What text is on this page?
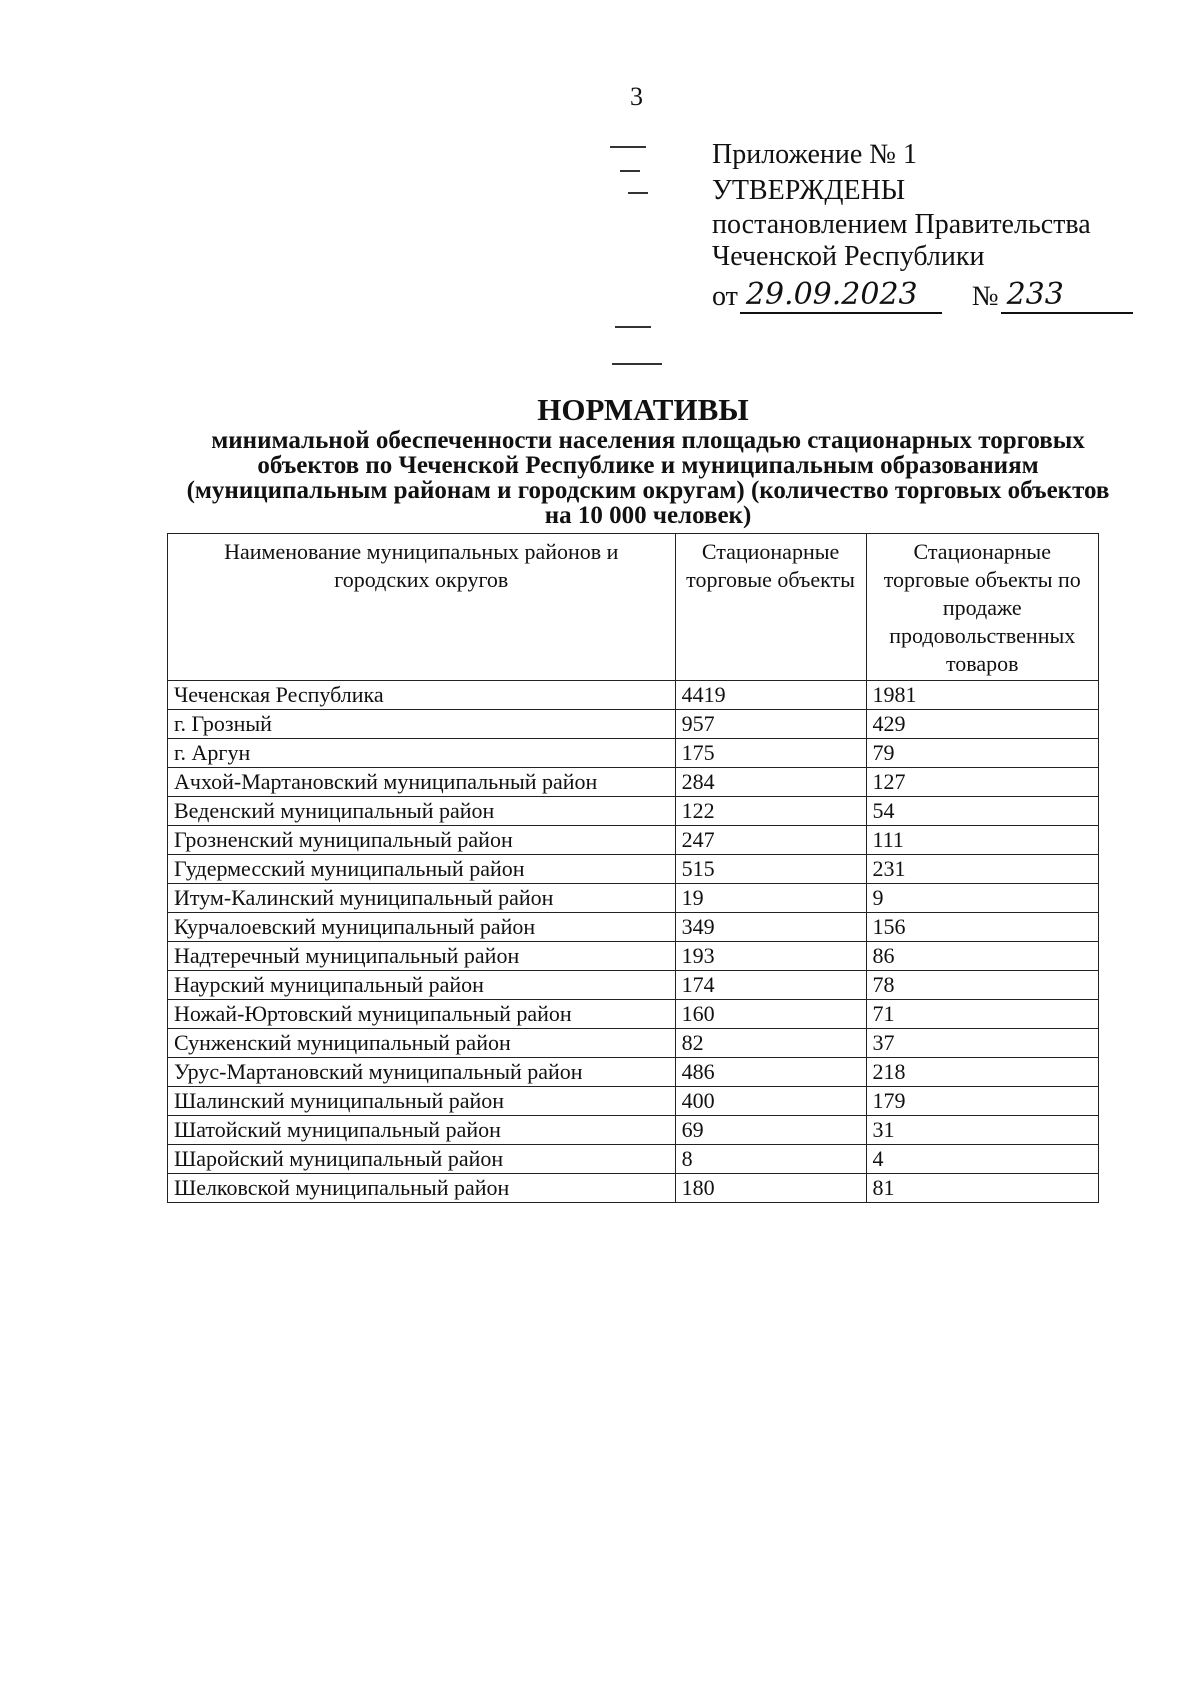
3
Приложение № 1
УТВЕРЖДЕНЫ
постановлением Правительства
Чеченской Республики
от 29.09.2023	№ 233
НОРМАТИВЫ
минимальной обеспеченности населения площадью стационарных торговых объектов по Чеченской Республике и муниципальным образованиям (муниципальным районам и городским округам) (количество торговых объектов на 10 000 человек)
Наименование муниципальных районов и городских округов	Стационарные торговые объекты	Стационарные торговые объекты по продаже продовольственных товаров
Чеченская Республика	4419	1981
г. Грозный	957	429
г. Аргун	175	79
Ачхой-Мартановский муниципальный район	284	127
Веденский муниципальный район	122	54
Грозненский муниципальный район	247	111
Гудермесский муниципальный район	515	231
Итум-Калинский муниципальный район	19	9
Курчалоевский муниципальный район	349	156
Надтеречный муниципальный район	193	86
Наурский муниципальный район	174	78
Ножай-Юртовский муниципальный район	160	71
Сунженский муниципальный район	82	37
Урус-Мартановский муниципальный район	486	218
Шалинский муниципальный район	400	179
Шатойский муниципальный район	69	31
Шаройский муниципальный район	8	4
Шелковской муниципальный район	180	81
